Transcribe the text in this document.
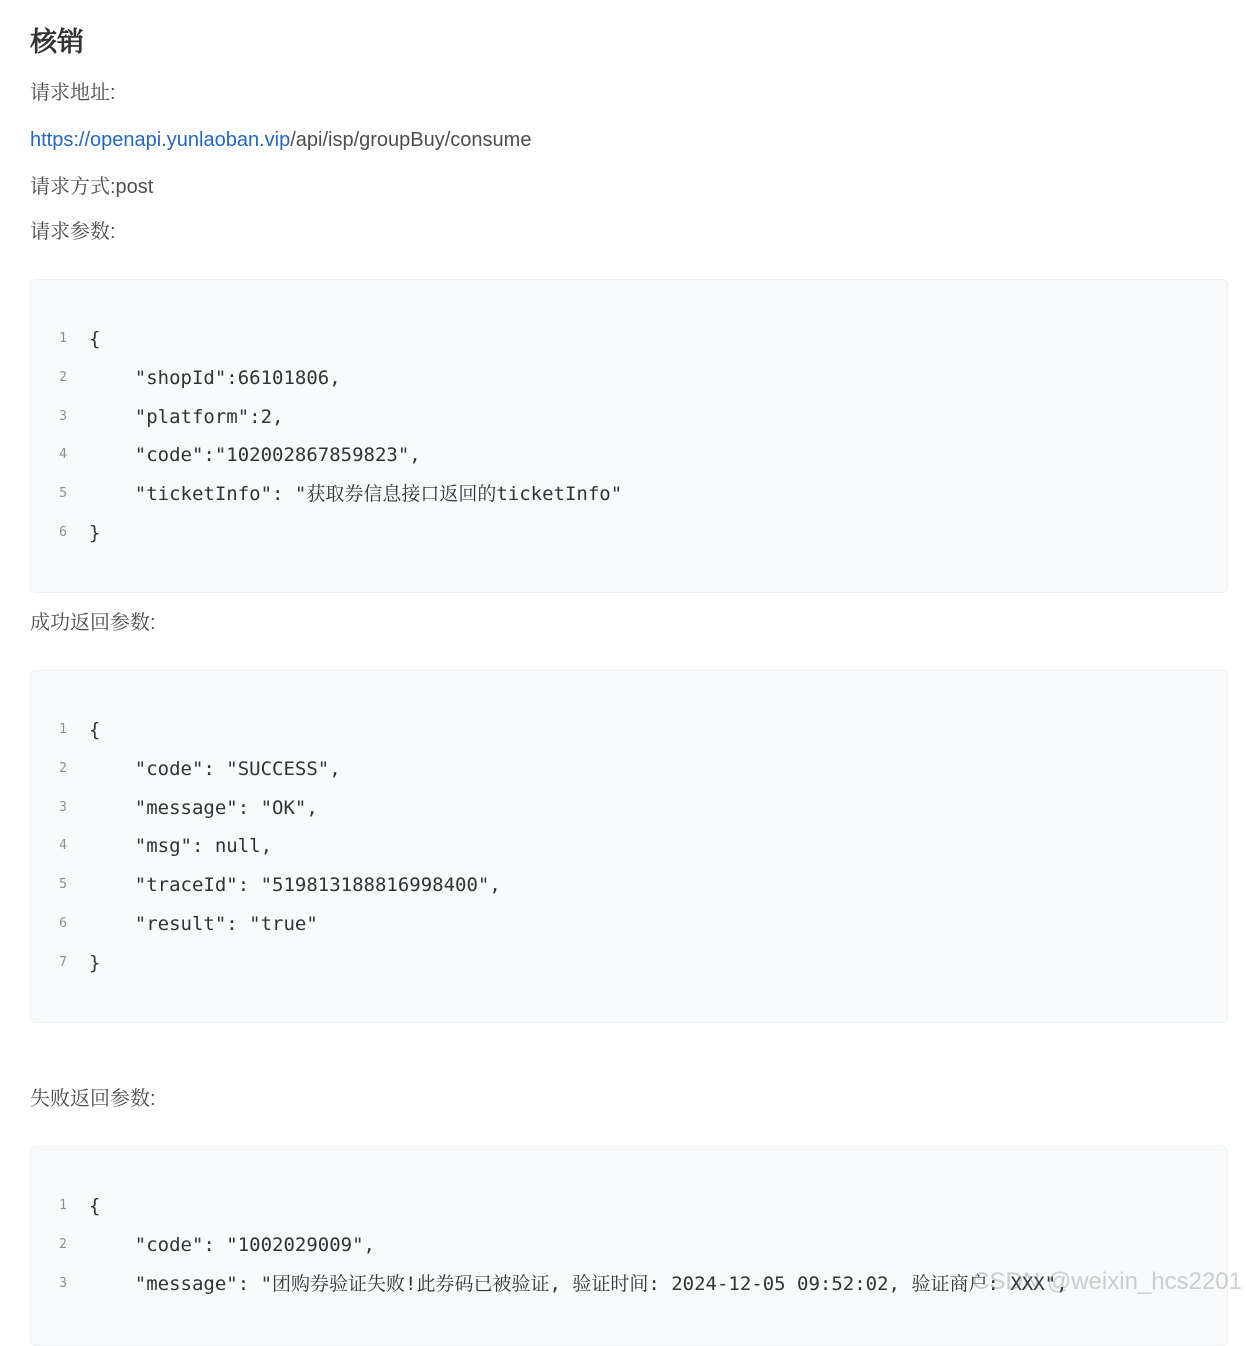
核销

请求地址:

https://openapi.yunlaoban.vip/api/isp/groupBuy/consume

请求方式:post

请求参数:

1	{
2	"shopId":66101806,
3	"platform":2,
4	"code":"102002867859823",
5	"ticketInfo": "获取券信息接口返回的ticketInfo"
6	}

成功返回参数:

1	{
2	"code": "SUCCESS",
3	"message": "OK",
4	"msg": null,
5	"traceId": "519813188816998400",
6	"result": "true"
7	}

失败返回参数:

1	{
2	"code": "1002029009",
3	"message": "团购券验证失败!此券码已被验证, 验证时间: 2024-12-05 09:52:02, 验证商户: XXX",
CSDN @weixin_hcs2201
